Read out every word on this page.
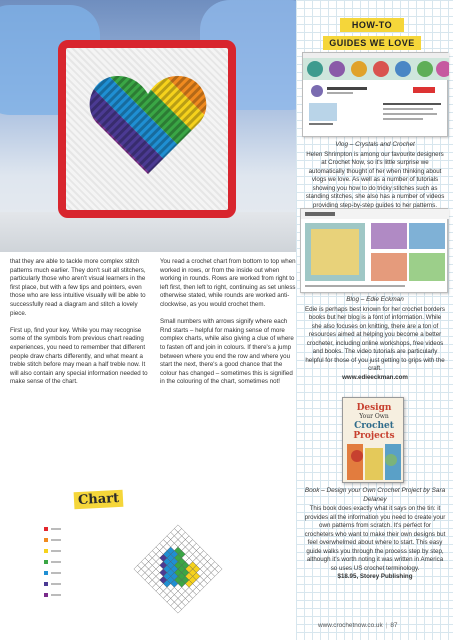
that they are able to tackle more complex stitch patterns much earlier. They don't suit all stitchers, particularly those who aren't visual learners in the first place, but with a few tips and pointers, even those who are less intuitive visually will be able to successfully read a diagram and stitch a lovely piece.

First up, find your key. While you may recognise some of the symbols from previous chart reading experiences, you need to remember that different people draw charts differently, and what meant a treble stitch before may mean a half treble now. It will also contain any special information needed to make sense of the chart.

You read a crochet chart from bottom to top when worked in rows, or from the inside out when working in rounds. Rows are worked from right to left first, then left to right, continuing as set unless otherwise stated, while rounds are worked anti-clockwise, as you would crochet them.

Small numbers with arrows signify where each Rnd starts – helpful for making sense of more complex charts, while also giving a clue of where to fasten off and join in colours. If there's a jump between where you end the row and where you start the next, there's a good chance that the colour has changed – sometimes this is signified in the colouring of the chart, sometimes not!

Chart
HOW-TO
GUIDES WE LOVE
Vlog – Crystals and Crochet
Helen Shrimpton is among our favourite designers at Crochet Now, so it's little surprise we automatically thought of her when thinking about vlogs we love. As well as a number of tutorials showing you how to do tricky stitches such as standing stitches, she also has a number of videos providing step-by-step guides to her patterns.
Blog – Edie Eckman
Edie is perhaps best known for her crochet borders books but her blog is a font of information. While she also focuses on knitting, there are a ton of resources aimed at helping you become a better crocheter, including online workshops, free videos and books. The video tutorials are particularly helpful for those of you just getting to grips with the craft.
www.edieeckman.com
Design
Your Own
Crochet
Projects
Book – Design your Own Crochet Project by Sara Delaney
This book does exactly what it says on the tin: it provides all the information you need to create your own patterns from scratch. It's perfect for crocheters who want to make their own designs but feel overwhelmed about where to start. This easy guide walks you through the process step by step, although it's worth noting it was written in America so uses US crochet terminology.
$18.95, Storey Publishing
www.crochetnow.co.uk | 87
